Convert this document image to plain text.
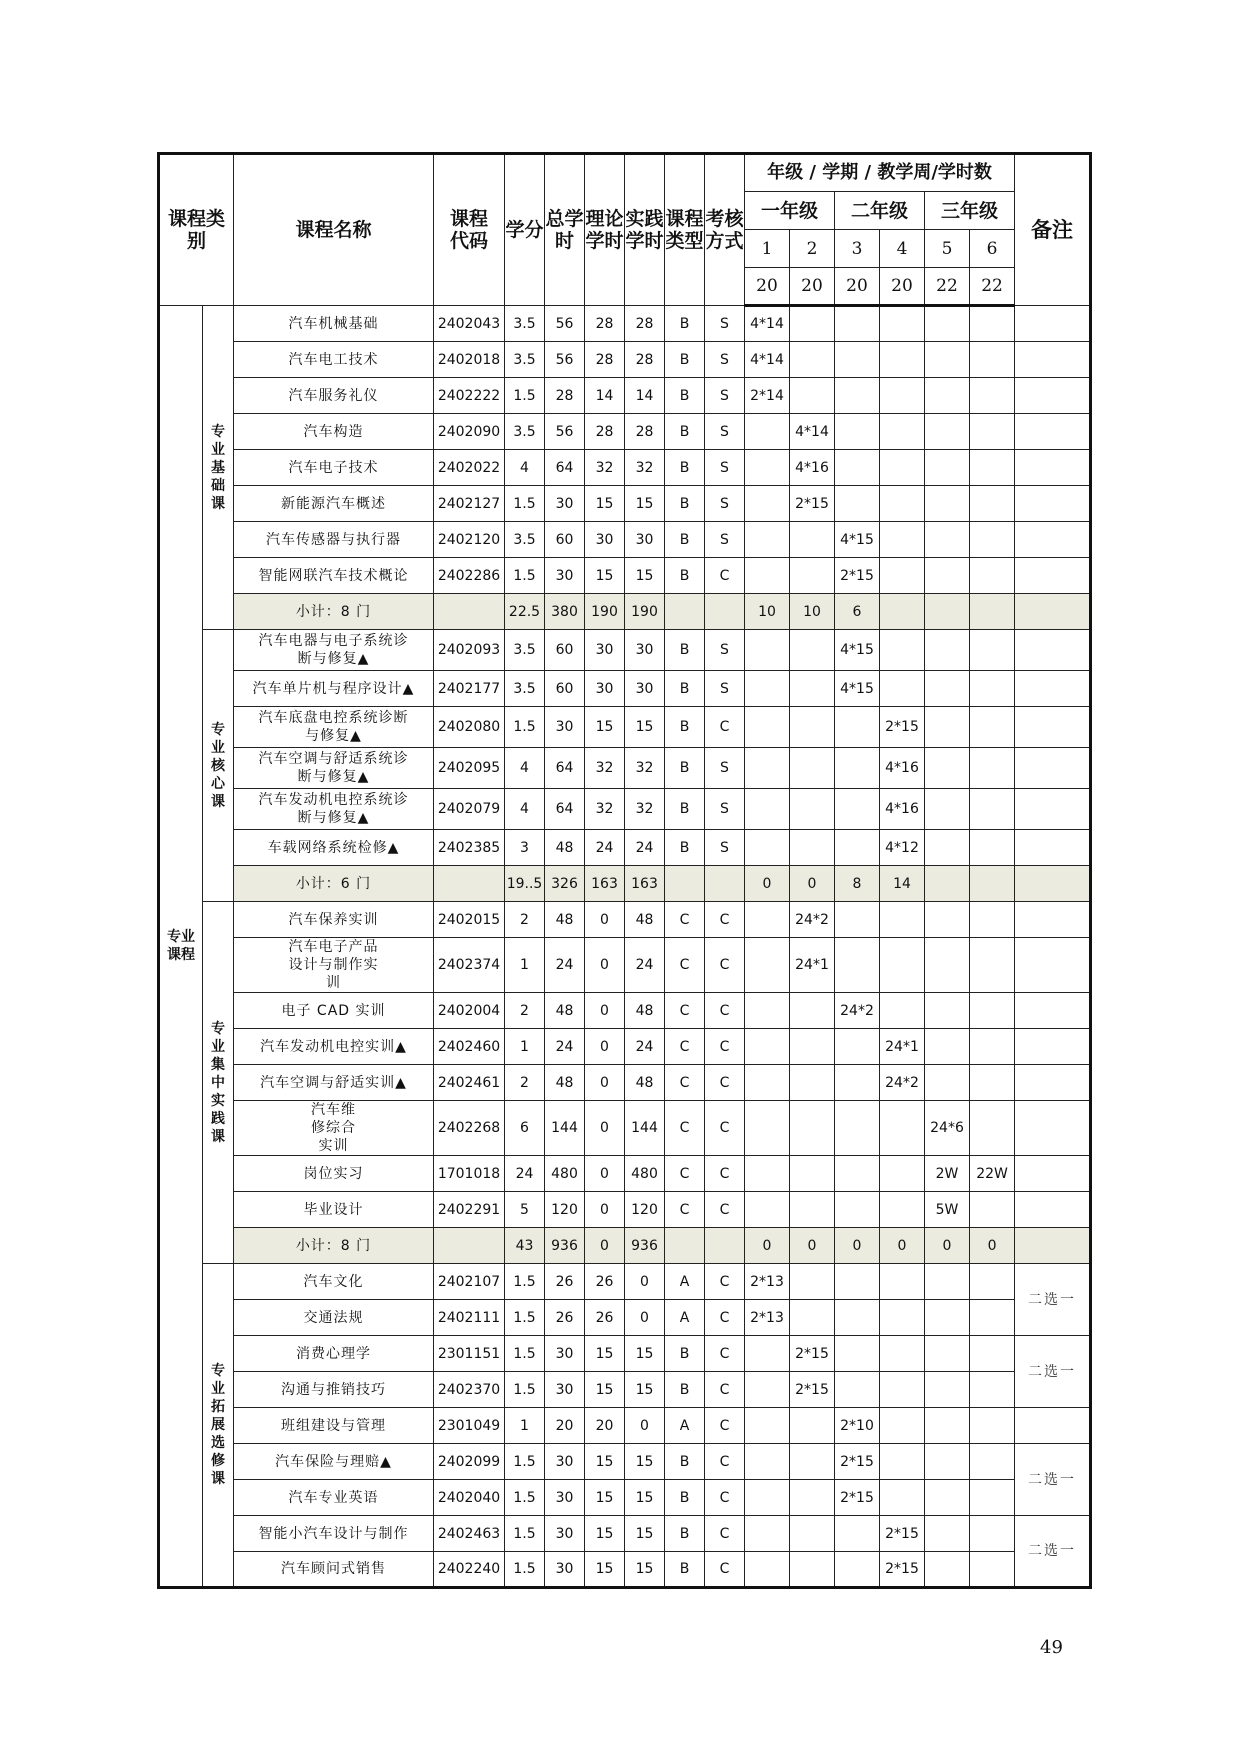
课程类别		课程名称	课程代码	学分	总学时	理论学时	实践学时	课程类型	考核方式	年级 / 学期 / 教学周/学时数						备注
										一年级		二年级		三年级		
										1	2	3	4	5	6	
										20	20	20	20	22	22	

专业课程	专业基础课	汽车机械基础	2402043	3.5	56	28	28	B	S	4*14						

		汽车电工技术	2402018	3.5	56	28	28	B	S	4*14						

		汽车服务礼仪	2402222	1.5	28	14	14	B	S	2*14						

		汽车构造	2402090	3.5	56	28	28	B	S		4*14					

		汽车电子技术	2402022	4	64	32	32	B	S		4*16					

		新能源汽车概述	2402127	1.5	30	15	15	B	S		2*15					

		汽车传感器与执行器	2402120	3.5	60	30	30	B	S			4*15				

		智能网联汽车技术概论	2402286	1.5	30	15	15	B	C			2*15				
		小计：8 门		22.5	380	190	190			10	10	6				

	专业核心课	汽车电器与电子系统诊断与修复▲	2402093	3.5	60	30	30	B	S			4*15				

		汽车单片机与程序设计▲	2402177	3.5	60	30	30	B	S			4*15				

		汽车底盘电控系统诊断与修复▲	2402080	1.5	30	15	15	B	C				2*15			

		汽车空调与舒适系统诊断与修复▲	2402095	4	64	32	32	B	S				4*16			

		汽车发动机电控系统诊断与修复▲	2402079	4	64	32	32	B	S				4*16			

		车载网络系统检修▲	2402385	3	48	24	24	B	S				4*12			
		小计：6 门		19..5	326	163	163			0	0	8	14			

	专业集中实践课	汽车保养实训	2402015	2	48	0	48	C	C		24*2					

		汽车电子产品设计与制作实训	2402374	1	24	0	24	C	C		24*1					

		电子 CAD 实训	2402004	2	48	0	48	C	C			24*2				

		汽车发动机电控实训▲	2402460	1	24	0	24	C	C				24*1			

		汽车空调与舒适实训▲	2402461	2	48	0	48	C	C				24*2			

		汽车维修综合实训	2402268	6	144	0	144	C	C					24*6		

		岗位实习	1701018	24	480	0	480	C	C					2W	22W	

		毕业设计	2402291	5	120	0	120	C	C					5W		
		小计：8 门		43	936	0	936			0	0	0	0	0	0	

	专业拓展选修课	汽车文化	2402107	1.5	26	26	0	A	C	2*13						二选一

		交通法规	2402111	1.5	26	26	0	A	C	2*13						

		消费心理学	2301151	1.5	30	15	15	B	C		2*15					二选一

		沟通与推销技巧	2402370	1.5	30	15	15	B	C		2*15					

		班组建设与管理	2301049	1	20	20	0	A	C			2*10				

		汽车保险与理赔▲	2402099	1.5	30	15	15	B	C			2*15				二选一

		汽车专业英语	2402040	1.5	30	15	15	B	C			2*15				

		智能小汽车设计与制作	2402463	1.5	30	15	15	B	C				2*15			二选一

		汽车顾问式销售	2402240	1.5	30	15	15	B	C				2*15			
49
